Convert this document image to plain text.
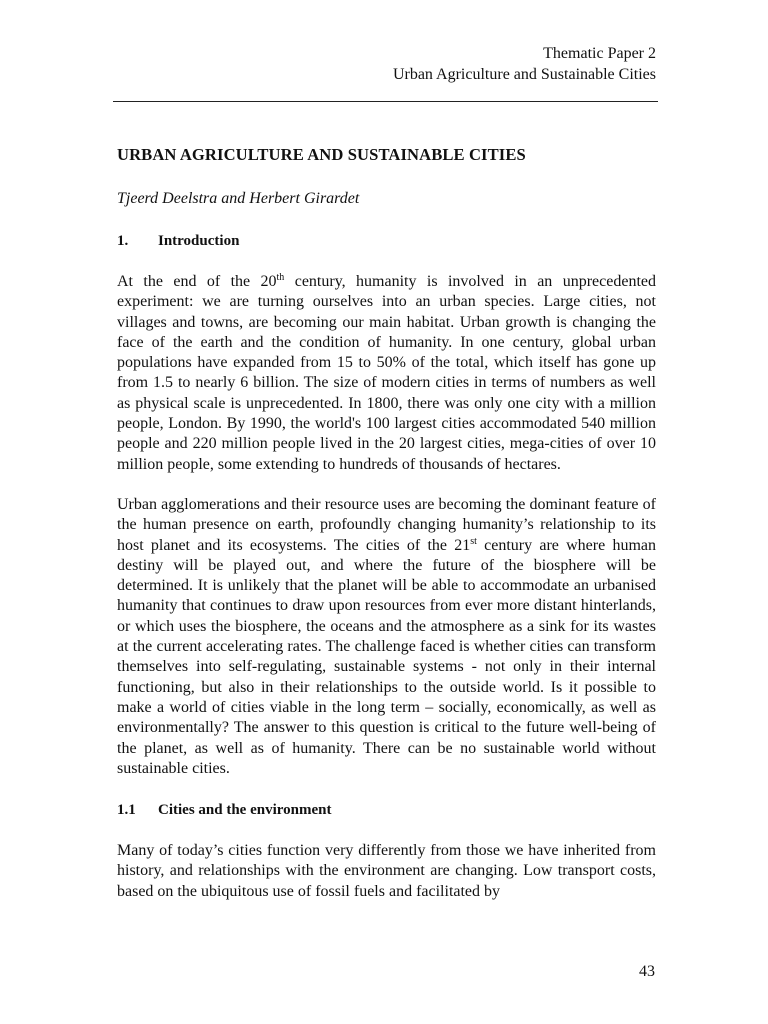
Thematic Paper 2
Urban Agriculture and Sustainable Cities
URBAN AGRICULTURE AND SUSTAINABLE CITIES
Tjeerd Deelstra and Herbert Girardet
1.	Introduction

At the end of the 20th century, humanity is involved in an unprecedented experiment: we are turning ourselves into an urban species. Large cities, not villages and towns, are becoming our main habitat. Urban growth is changing the face of the earth and the condition of humanity. In one century, global urban populations have expanded from 15 to 50% of the total, which itself has gone up from 1.5 to nearly 6 billion. The size of modern cities in terms of numbers as well as physical scale is unprecedented. In 1800, there was only one city with a million people, London. By 1990, the world's 100 largest cities accommodated 540 million people and 220 million people lived in the 20 largest cities, mega-cities of over 10 million people, some extending to hundreds of thousands of hectares.

Urban agglomerations and their resource uses are becoming the dominant feature of the human presence on earth, profoundly changing humanity’s relationship to its host planet and its ecosystems. The cities of the 21st century are where human destiny will be played out, and where the future of the biosphere will be determined. It is unlikely that the planet will be able to accommodate an urbanised humanity that continues to draw upon resources from ever more distant hinterlands, or which uses the biosphere, the oceans and the atmosphere as a sink for its wastes at the current accelerating rates. The challenge faced is whether cities can transform themselves into self-regulating, sustainable systems - not only in their internal functioning, but also in their relationships to the outside world. Is it possible to make a world of cities viable in the long term – socially, economically, as well as environmentally? The answer to this question is critical to the future well-being of the planet, as well as of humanity. There can be no sustainable world without sustainable cities.

1.1	Cities and the environment

Many of today’s cities function very differently from those we have inherited from history, and relationships with the environment are changing. Low transport costs, based on the ubiquitous use of fossil fuels and facilitated by

43
